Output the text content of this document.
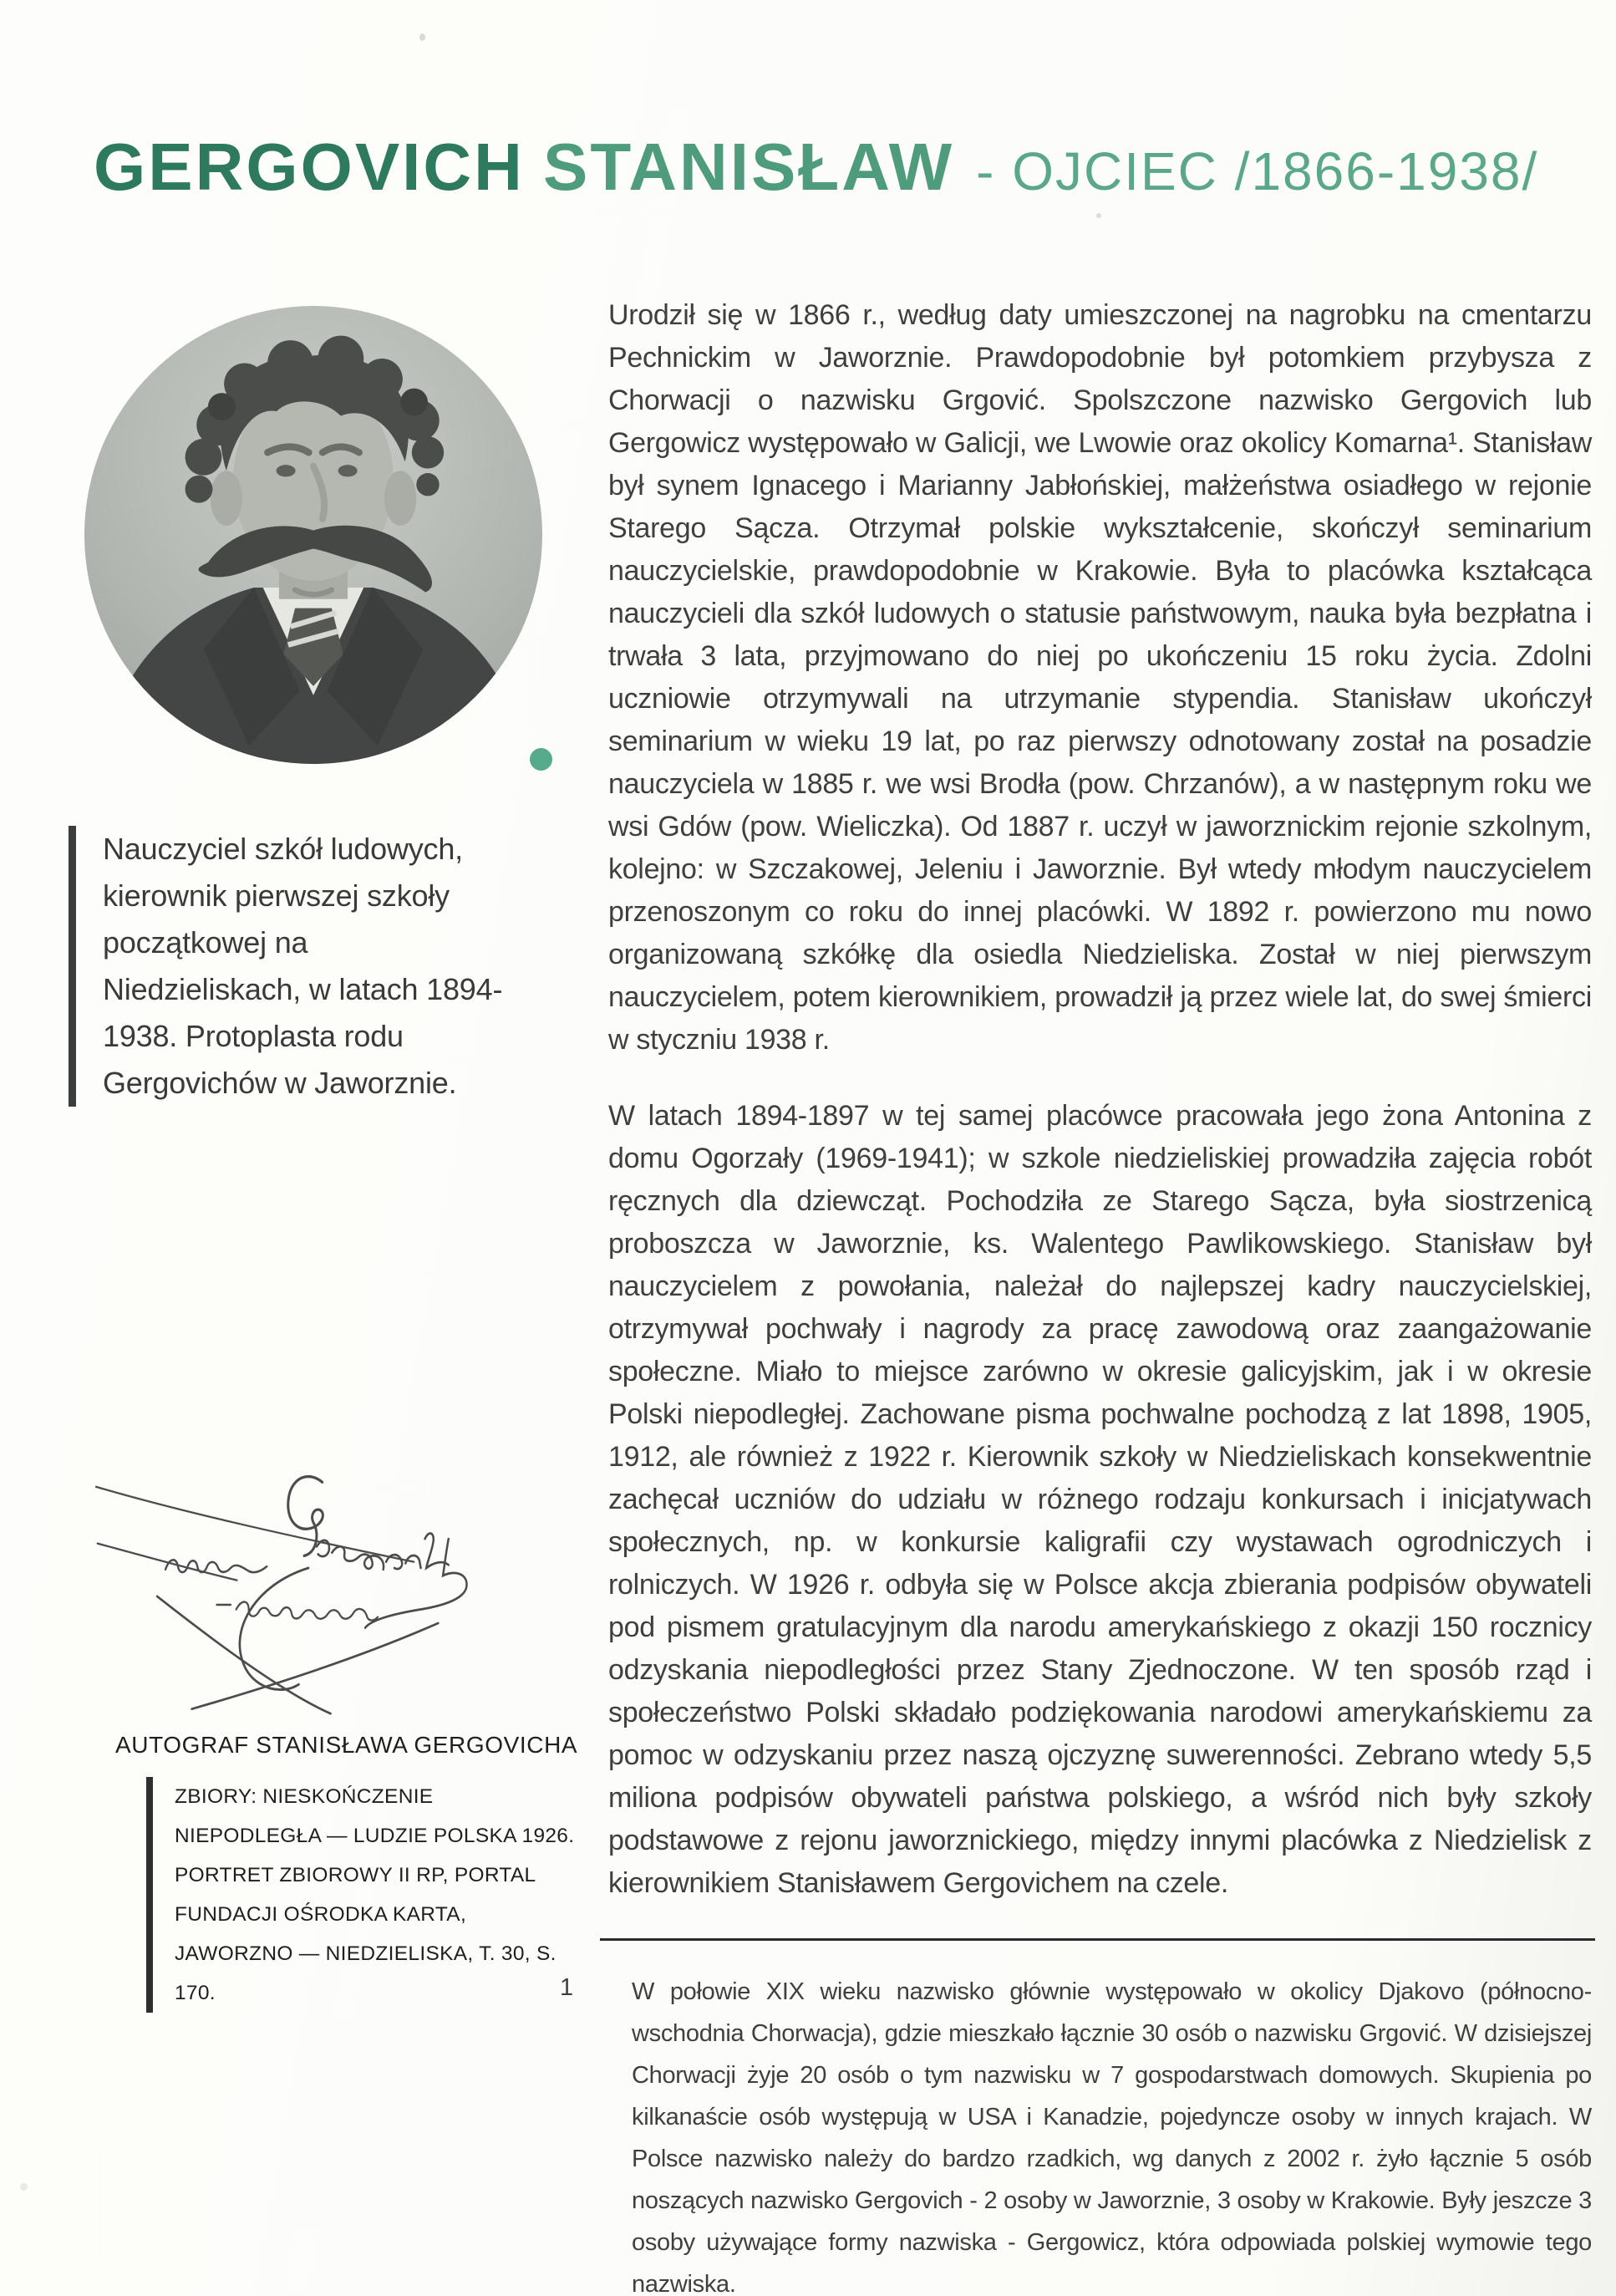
GERGOVICH STANISŁAW - OJCIEC /1866-1938/
Nauczyciel szkół ludowych, kierownik pierwszej szkoły początkowej na Niedzieliskach, w latach 1894-1938. Protoplasta rodu Gergovichów w Jaworznie.
AUTOGRAF STANISŁAWA GERGOVICHA
ZBIORY: NIESKOŃCZENIE NIEPODLEGŁA — LUDZIE POLSKA 1926. PORTRET ZBIOROWY II RP, PORTAL FUNDACJI OŚRODKA KARTA, JAWORZNO — NIEDZIELISKA, T. 30, S. 170.

Urodził się w 1866 r., według daty umieszczonej na nagrobku na cmentarzu Pechnickim w Jaworznie. Prawdopodobnie był potomkiem przybysza z Chorwacji o nazwisku Grgović. Spolszczone nazwisko Gergovich lub Gergowicz występowało w Galicji, we Lwowie oraz okolicy Komarna¹. Stanisław był synem Ignacego i Marianny Jabłońskiej, małżeństwa osiadłego w rejonie Starego Sącza. Otrzymał polskie wykształcenie, skończył seminarium nauczycielskie, prawdopodobnie w Krakowie. Była to placówka kształcąca nauczycieli dla szkół ludowych o statusie państwowym, nauka była bezpłatna i trwała 3 lata, przyjmowano do niej po ukończeniu 15 roku życia. Zdolni uczniowie otrzymywali na utrzymanie stypendia. Stanisław ukończył seminarium w wieku 19 lat, po raz pierwszy odnotowany został na posadzie nauczyciela w 1885 r. we wsi Brodła (pow. Chrzanów), a w następnym roku we wsi Gdów (pow. Wieliczka). Od 1887 r. uczył w jaworznickim rejonie szkolnym, kolejno: w Szczakowej, Jeleniu i Jaworznie. Był wtedy młodym nauczycielem przenoszonym co roku do innej placówki. W 1892 r. powierzono mu nowo organizowaną szkółkę dla osiedla Niedzieliska. Został w niej pierwszym nauczycielem, potem kierownikiem, prowadził ją przez wiele lat, do swej śmierci w styczniu 1938 r.

W latach 1894-1897 w tej samej placówce pracowała jego żona Antonina z domu Ogorzały (1969-1941); w szkole niedzieliskiej prowadziła zajęcia robót ręcznych dla dziewcząt. Pochodziła ze Starego Sącza, była siostrzenicą proboszcza w Jaworznie, ks. Walentego Pawlikowskiego. Stanisław był nauczycielem z powołania, należał do najlepszej kadry nauczycielskiej, otrzymywał pochwały i nagrody za pracę zawodową oraz zaangażowanie społeczne. Miało to miejsce zarówno w okresie galicyjskim, jak i w okresie Polski niepodległej. Zachowane pisma pochwalne pochodzą z lat 1898, 1905, 1912, ale również z 1922 r. Kierownik szkoły w Niedzieliskach konsekwentnie zachęcał uczniów do udziału w różnego rodzaju konkursach i inicjatywach społecznych, np. w konkursie kaligrafii czy wystawach ogrodniczych i rolniczych. W 1926 r. odbyła się w Polsce akcja zbierania podpisów obywateli pod pismem gratulacyjnym dla narodu amerykańskiego z okazji 150 rocznicy odzyskania niepodległości przez Stany Zjednoczone. W ten sposób rząd i społeczeństwo Polski składało podziękowania narodowi amerykańskiemu za pomoc w odzyskaniu przez naszą ojczyznę suwerenności. Zebrano wtedy 5,5 miliona podpisów obywateli państwa polskiego, a wśród nich były szkoły podstawowe z rejonu jaworznickiego, między innymi placówka z Niedzielisk z kierownikiem Stanisławem Gergovichem na czele.

1 W połowie XIX wieku nazwisko głównie występowało w okolicy Djakovo (północno-wschodnia Chorwacja), gdzie mieszkało łącznie 30 osób o nazwisku Grgović. W dzisiejszej Chorwacji żyje 20 osób o tym nazwisku w 7 gospodarstwach domowych. Skupienia po kilkanaście osób występują w USA i Kanadzie, pojedyncze osoby w innych krajach. W Polsce nazwisko należy do bardzo rzadkich, wg danych z 2002 r. żyło łącznie 5 osób noszących nazwisko Gergovich - 2 osoby w Jaworznie, 3 osoby w Krakowie. Były jeszcze 3 osoby używające formy nazwiska - Gergowicz, która odpowiada polskiej wymowie tego nazwiska.
